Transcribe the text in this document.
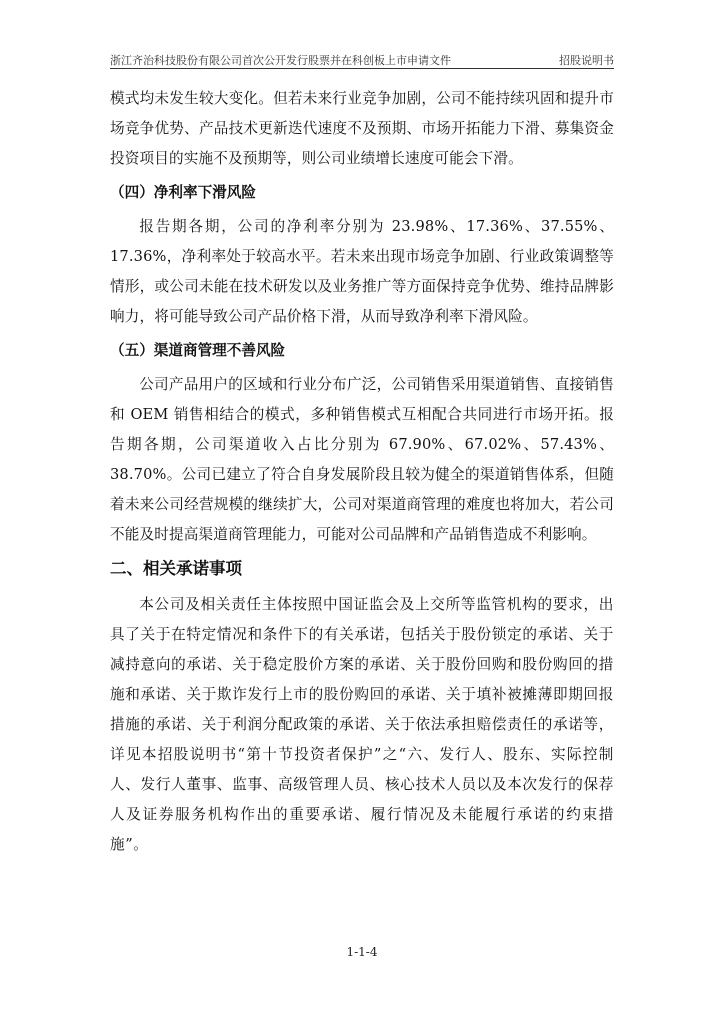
浙江齐治科技股份有限公司首次公开发行股票并在科创板上市申请文件	招股说明书

模式均未发生较大变化。但若未来行业竞争加剧，公司不能持续巩固和提升市场竞争优势、产品技术更新迭代速度不及预期、市场开拓能力下滑、募集资金投资项目的实施不及预期等，则公司业绩增长速度可能会下滑。

（四）净利率下滑风险

报告期各期，公司的净利率分别为 23.98%、17.36%、37.55%、17.36%，净利率处于较高水平。若未来出现市场竞争加剧、行业政策调整等情形，或公司未能在技术研发以及业务推广等方面保持竞争优势、维持品牌影响力，将可能导致公司产品价格下滑，从而导致净利率下滑风险。

（五）渠道商管理不善风险

公司产品用户的区域和行业分布广泛，公司销售采用渠道销售、直接销售和 OEM 销售相结合的模式，多种销售模式互相配合共同进行市场开拓。报告期各期，公司渠道收入占比分别为 67.90%、67.02%、57.43%、38.70%。公司已建立了符合自身发展阶段且较为健全的渠道销售体系，但随着未来公司经营规模的继续扩大，公司对渠道商管理的难度也将加大，若公司不能及时提高渠道商管理能力，可能对公司品牌和产品销售造成不利影响。

二、相关承诺事项

本公司及相关责任主体按照中国证监会及上交所等监管机构的要求，出具了关于在特定情况和条件下的有关承诺，包括关于股份锁定的承诺、关于减持意向的承诺、关于稳定股价方案的承诺、关于股份回购和股份购回的措施和承诺、关于欺诈发行上市的股份购回的承诺、关于填补被摊薄即期回报措施的承诺、关于利润分配政策的承诺、关于依法承担赔偿责任的承诺等，详见本招股说明书“第十节投资者保护”之“六、发行人、股东、实际控制人、发行人董事、监事、高级管理人员、核心技术人员以及本次发行的保荐人及证券服务机构作出的重要承诺、履行情况及未能履行承诺的约束措施”。

1-1-4
